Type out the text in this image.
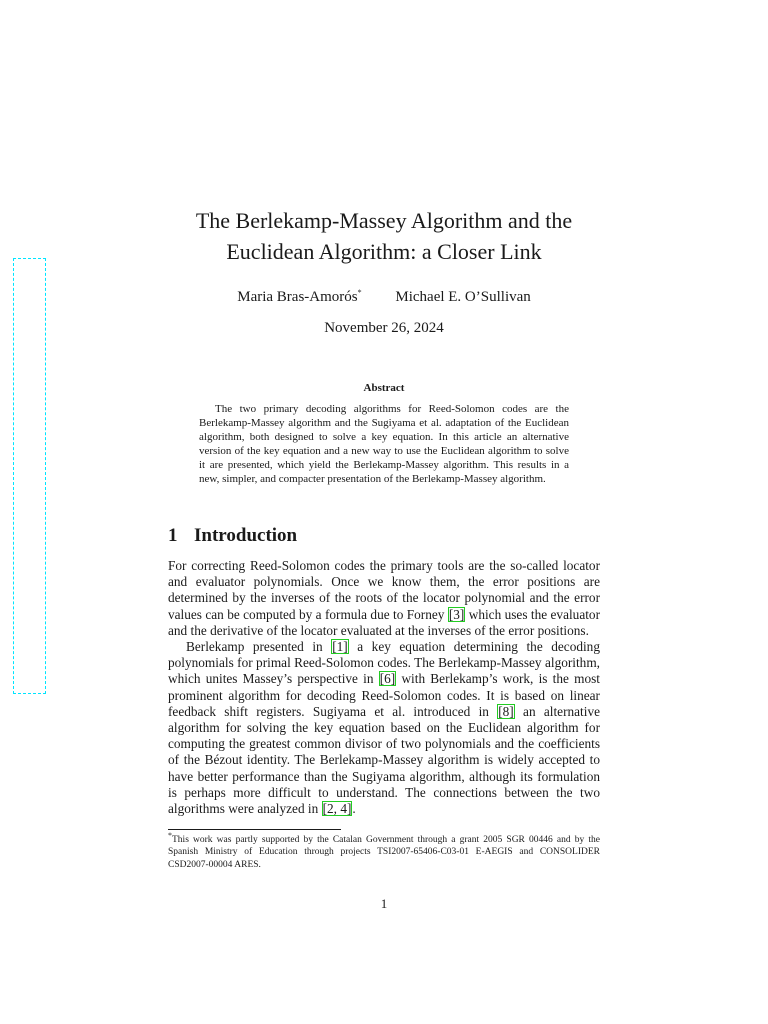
The Berlekamp-Massey Algorithm and the
Euclidean Algorithm: a Closer Link
Maria Bras-Amorós* Michael E. O’Sullivan
November 26, 2024
Abstract

The two primary decoding algorithms for Reed-Solomon codes are the Berlekamp-Massey algorithm and the Sugiyama et al. adaptation of the Euclidean algorithm, both designed to solve a key equation. In this article an alternative version of the key equation and a new way to use the Euclidean algorithm to solve it are presented, which yield the Berlekamp-Massey algorithm. This results in a new, simpler, and compacter presentation of the Berlekamp-Massey algorithm.

1 Introduction

For correcting Reed-Solomon codes the primary tools are the so-called locator and evaluator polynomials. Once we know them, the error positions are determined by the inverses of the roots of the locator polynomial and the error values can be computed by a formula due to Forney [3] which uses the evaluator and the derivative of the locator evaluated at the inverses of the error positions.

Berlekamp presented in [1] a key equation determining the decoding polynomials for primal Reed-Solomon codes. The Berlekamp-Massey algorithm, which unites Massey’s perspective in [6] with Berlekamp’s work, is the most prominent algorithm for decoding Reed-Solomon codes. It is based on linear feedback shift registers. Sugiyama et al. introduced in [8] an alternative algorithm for solving the key equation based on the Euclidean algorithm for computing the greatest common divisor of two polynomials and the coefficients of the Bézout identity. The Berlekamp-Massey algorithm is widely accepted to have better performance than the Sugiyama algorithm, although its formulation is perhaps more difficult to understand. The connections between the two algorithms were analyzed in [2, 4].

*This work was partly supported by the Catalan Government through a grant 2005 SGR 00446 and by the Spanish Ministry of Education through projects TSI2007-65406-C03-01 E-AEGIS and CONSOLIDER CSD2007-00004 ARES.

1
